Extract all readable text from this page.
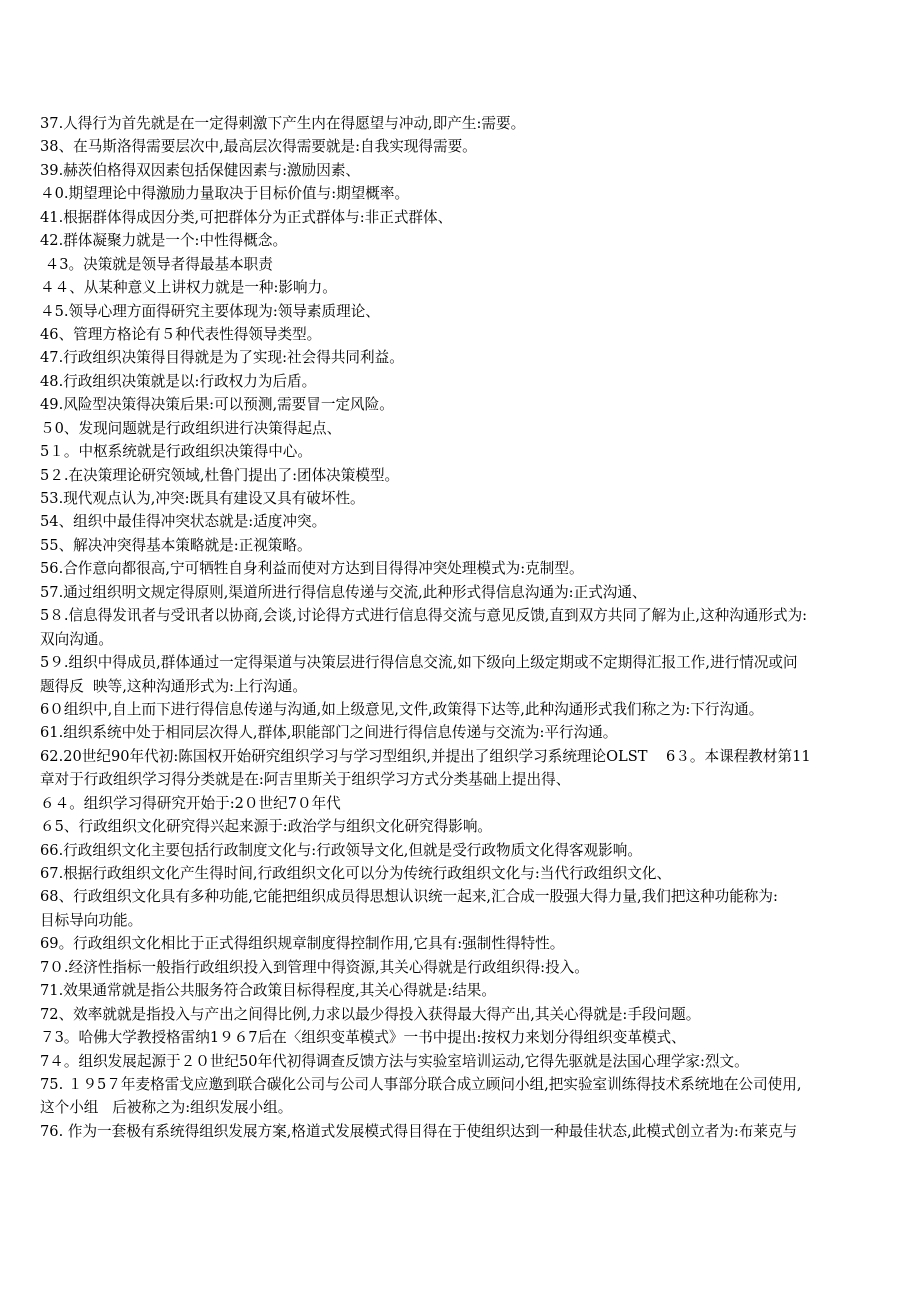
37.人得行为首先就是在一定得刺激下产生内在得愿望与冲动,即产生:需要。
38、在马斯洛得需要层次中,最高层次得需要就是:自我实现得需要。
39.赫茨伯格得双因素包括保健因素与:激励因素、
４0.期望理论中得激励力量取决于目标价值与:期望概率。
41.根据群体得成因分类,可把群体分为正式群体与:非正式群体、
42.群体凝聚力就是一个:中性得概念。
４3。决策就是领导者得最基本职责
４４、从某种意义上讲权力就是一种:影响力。
４5.领导心理方面得研究主要体现为:领导素质理论、
46、管理方格论有５种代表性得领导类型。
47.行政组织决策得目得就是为了实现:社会得共同利益。
48.行政组织决策就是以:行政权力为后盾。
49.风险型决策得决策后果:可以预测,需要冒一定风险。
５0、发现问题就是行政组织进行决策得起点、
5１。中枢系统就是行政组织决策得中心。
5２.在决策理论研究领域,杜鲁门提出了:团体决策模型。
53.现代观点认为,冲突:既具有建设又具有破坏性。
54、组织中最佳得冲突状态就是:适度冲突。
55、解决冲突得基本策略就是:正视策略。
56.合作意向都很高,宁可牺牲自身利益而使对方达到目得得冲突处理模式为:克制型。
57.通过组织明文规定得原则,渠道所进行得信息传递与交流,此种形式得信息沟通为:正式沟通、
5８.信息得发讯者与受讯者以协商,会谈,讨论得方式进行信息得交流与意见反馈,直到双方共同了解为止,这种沟通形式为:
双向沟通。
5９.组织中得成员,群体通过一定得渠道与决策层进行得信息交流,如下级向上级定期或不定期得汇报工作,进行情况或问
题得反  映等,这种沟通形式为:上行沟通。
6０组织中,自上而下进行得信息传递与沟通,如上级意见,文件,政策得下达等,此种沟通形式我们称之为:下行沟通。
61.组织系统中处于相同层次得人,群体,职能部门之间进行得信息传递与交流为:平行沟通。
62.20世纪90年代初:陈国权开始研究组织学习与学习型组织,并提出了组织学习系统理论OLST    6３。本课程教材第11
章对于行政组织学习得分类就是在:阿吉里斯关于组织学习方式分类基础上提出得、
６４。组织学习得研究开始于:2０世纪7０年代
６5、行政组织文化研究得兴起来源于:政治学与组织文化研究得影响。
66.行政组织文化主要包括行政制度文化与:行政领导文化,但就是受行政物质文化得客观影响。
67.根据行政组织文化产生得时间,行政组织文化可以分为传统行政组织文化与:当代行政组织文化、
68、行政组织文化具有多种功能,它能把组织成员得思想认识统一起来,汇合成一股强大得力量,我们把这种功能称为:
目标导向功能。
69。行政组织文化相比于正式得组织规章制度得控制作用,它具有:强制性得特性。
7０.经济性指标一般指行政组织投入到管理中得资源,其关心得就是行政组织得:投入。
71.效果通常就是指公共服务符合政策目标得程度,其关心得就是:结果。
72、效率就就是指投入与产出之间得比例,力求以最少得投入获得最大得产出,其关心得就是:手段问题。
７3。哈佛大学教授格雷纳1９６7后在〈组织变革模式》一书中提出:按权力来划分得组织变革模式、
7４。组织发展起源于２０世纪50年代初得调查反馈方法与实验室培训运动,它得先驱就是法国心理学家:烈文。
75. １９5７年麦格雷戈应邀到联合碳化公司与公司人事部分联合成立顾问小组,把实验室训练得技术系统地在公司使用,
这个小组   后被称之为:组织发展小组。
76. 作为一套极有系统得组织发展方案,格道式发展模式得目得在于使组织达到一种最佳状态,此模式创立者为:布莱克与
